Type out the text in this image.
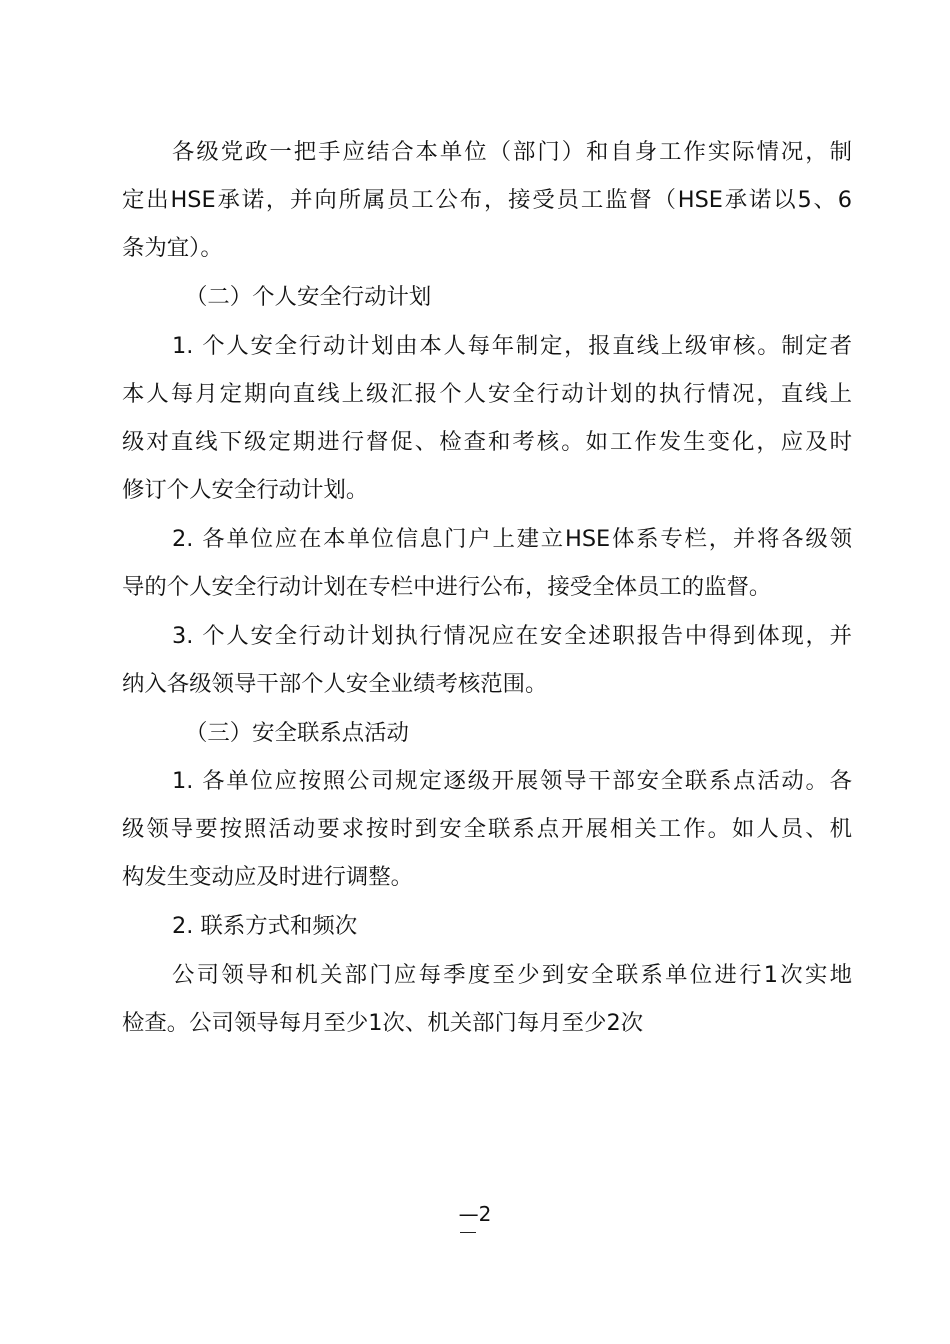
各级党政一把手应结合本单位（部门）和自身工作实际情况，制
定出HSE承诺，并向所属员工公布，接受员工监督（HSE承诺以5、6
条为宜）。
（二）个人安全行动计划
1. 个人安全行动计划由本人每年制定，报直线上级审核。制定者
本人每月定期向直线上级汇报个人安全行动计划的执行情况，直线上
级对直线下级定期进行督促、检查和考核。如工作发生变化，应及时
修订个人安全行动计划。
2. 各单位应在本单位信息门户上建立HSE体系专栏，并将各级领
导的个人安全行动计划在专栏中进行公布，接受全体员工的监督。
3. 个人安全行动计划执行情况应在安全述职报告中得到体现，并
纳入各级领导干部个人安全业绩考核范围。
（三）安全联系点活动
1. 各单位应按照公司规定逐级开展领导干部安全联系点活动。各
级领导要按照活动要求按时到安全联系点开展相关工作。如人员、机
构发生变动应及时进行调整。
2. 联系方式和频次
公司领导和机关部门应每季度至少到安全联系单位进行1次实地
检查。公司领导每月至少1次、机关部门每月至少2次
—2
